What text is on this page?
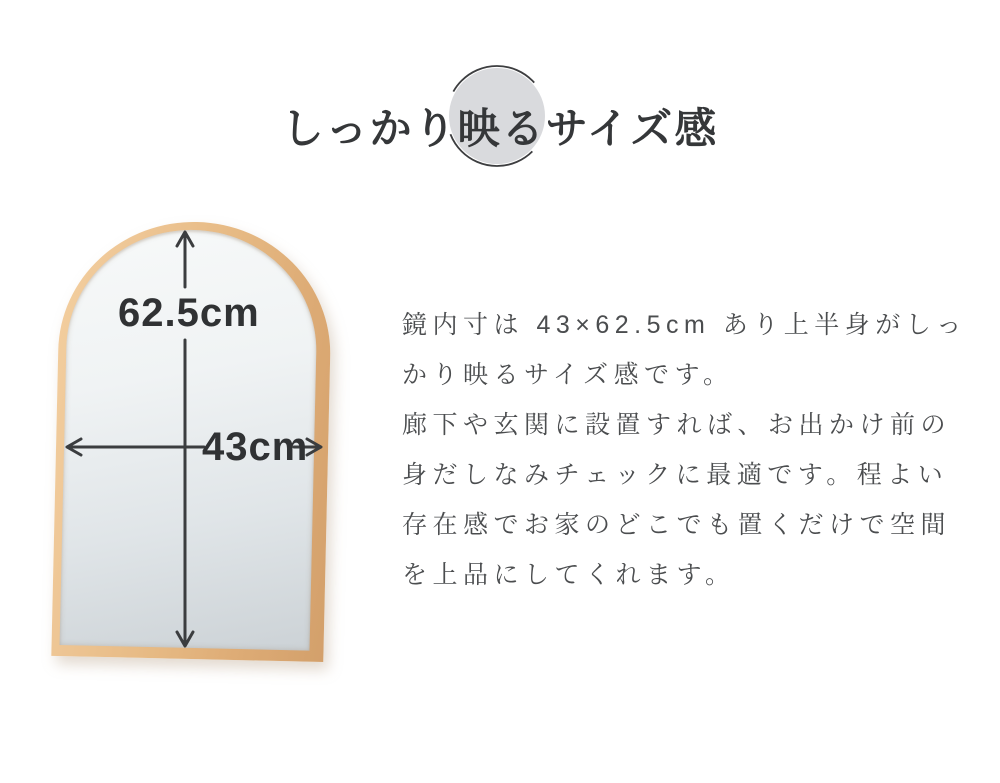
しっかり映るサイズ感
62.5cm
43cm
鏡内寸は 43×62.5cm あり上半身がしっ
かり映るサイズ感です。
廊下や玄関に設置すれば、お出かけ前の
身だしなみチェックに最適です。程よい
存在感でお家のどこでも置くだけで空間
を上品にしてくれます。
